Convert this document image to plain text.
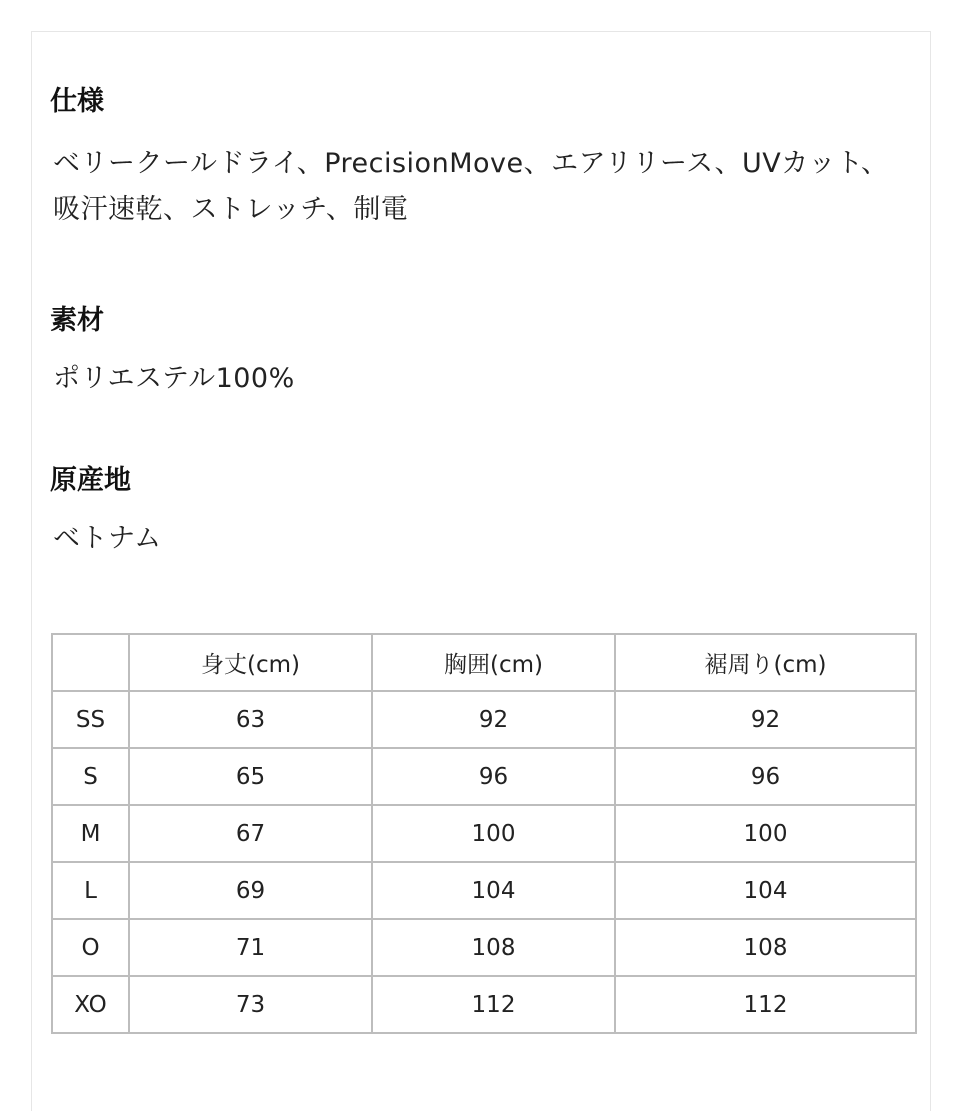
仕様
ベリークールドライ、PrecisionMove、エアリリース、UVカット、吸汗速乾、ストレッチ、制電
素材
ポリエステル100%
原産地
ベトナム
	身丈(cm)	胸囲(cm)	裾周り(cm)
SS	63	92	92
S	65	96	96
M	67	100	100
L	69	104	104
O	71	108	108
XO	73	112	112
